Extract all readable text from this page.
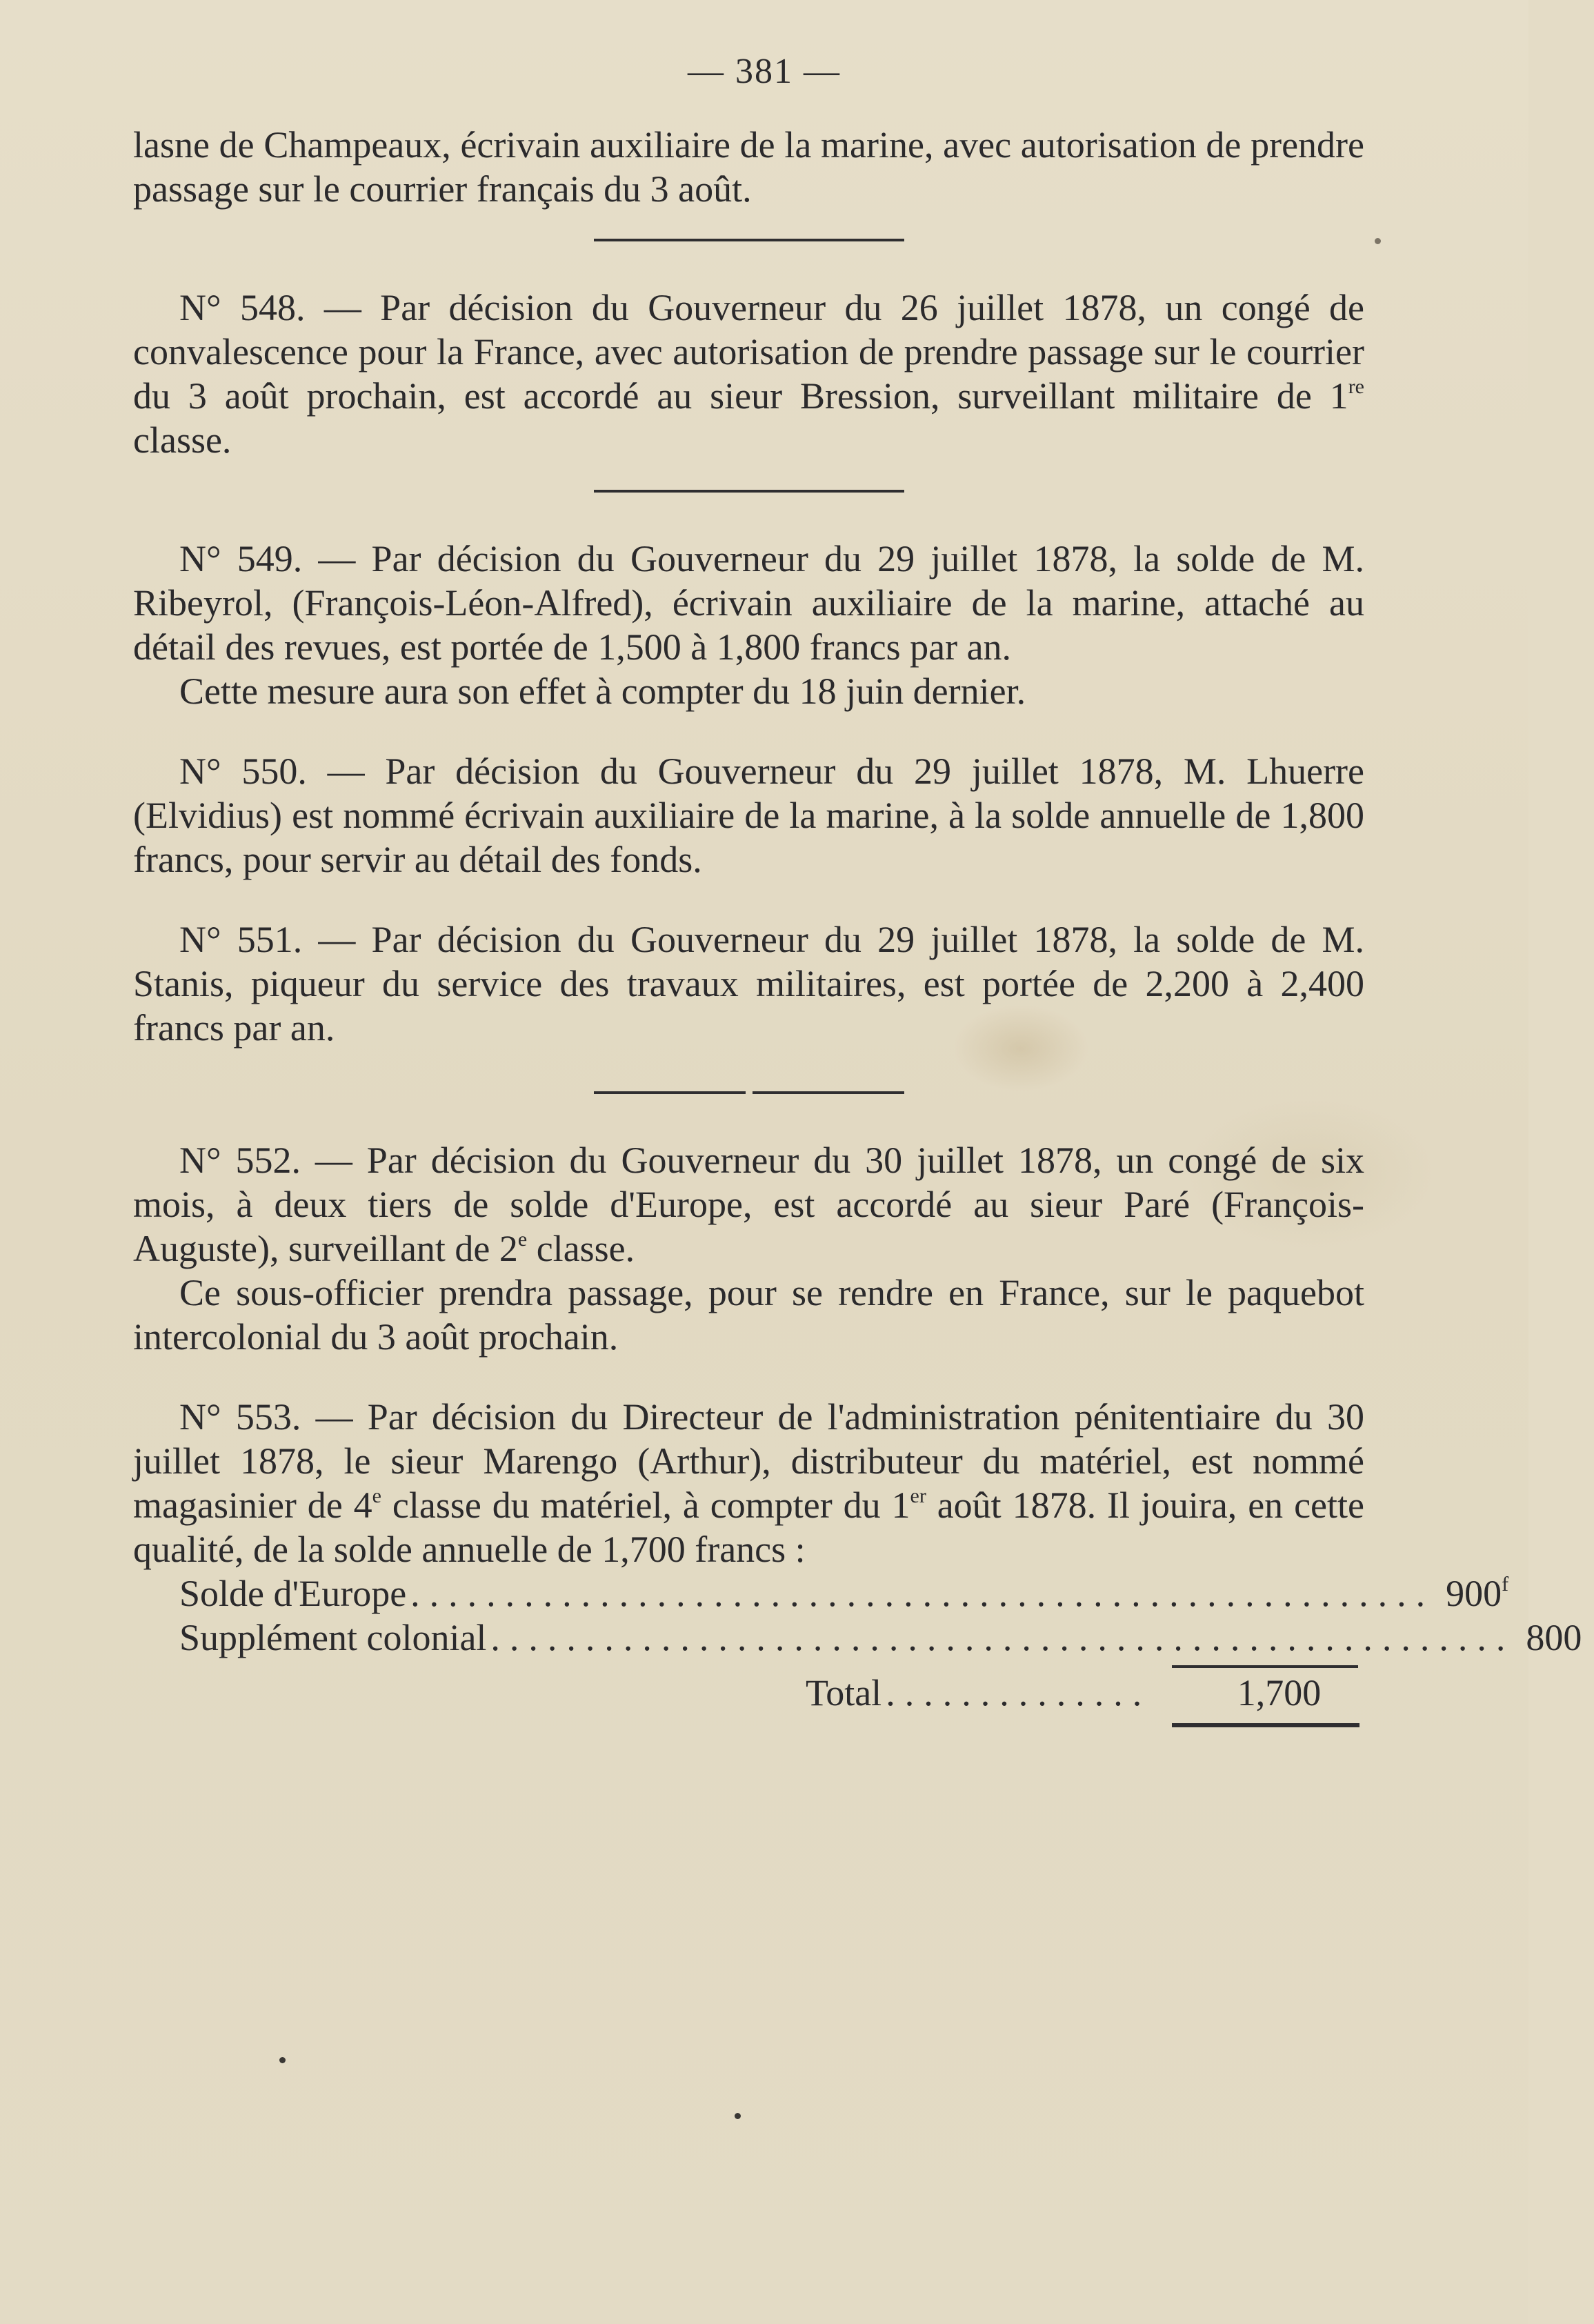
— 381 —

lasne de Champeaux, écrivain auxiliaire de la marine, avec autorisation de prendre passage sur le courrier français du 3 août.

N° 548. — Par décision du Gouverneur du 26 juillet 1878, un congé de convalescence pour la France, avec autorisation de prendre passage sur le courrier du 3 août prochain, est accordé au sieur Bression, surveillant militaire de 1re classe.

N° 549. — Par décision du Gouverneur du 29 juillet 1878, la solde de M. Ribeyrol, (François-Léon-Alfred), écrivain auxiliaire de la marine, attaché au détail des revues, est portée de 1,500 à 1,800 francs par an.

Cette mesure aura son effet à compter du 18 juin dernier.

N° 550. — Par décision du Gouverneur du 29 juillet 1878, M. Lhuerre (Elvidius) est nommé écrivain auxiliaire de la marine, à la solde annuelle de 1,800 francs, pour servir au détail des fonds.

N° 551. — Par décision du Gouverneur du 29 juillet 1878, la solde de M. Stanis, piqueur du service des travaux militaires, est portée de 2,200 à 2,400 francs par an.

N° 552. — Par décision du Gouverneur du 30 juillet 1878, un congé de six mois, à deux tiers de solde d'Europe, est accordé au sieur Paré (François-Auguste), surveillant de 2e classe.

Ce sous-officier prendra passage, pour se rendre en France, sur le paquebot intercolonial du 3 août prochain.

N° 553. — Par décision du Directeur de l'administration pénitentiaire du 30 juillet 1878, le sieur Marengo (Arthur), distributeur du matériel, est nommé magasinier de 4e classe du matériel, à compter du 1er août 1878. Il jouira, en cette qualité, de la solde annuelle de 1,700 francs :

Solde d'Europe ...................................................... 900$^f$
Supplément colonial ...................................................... 800
Total ..............	1,700
